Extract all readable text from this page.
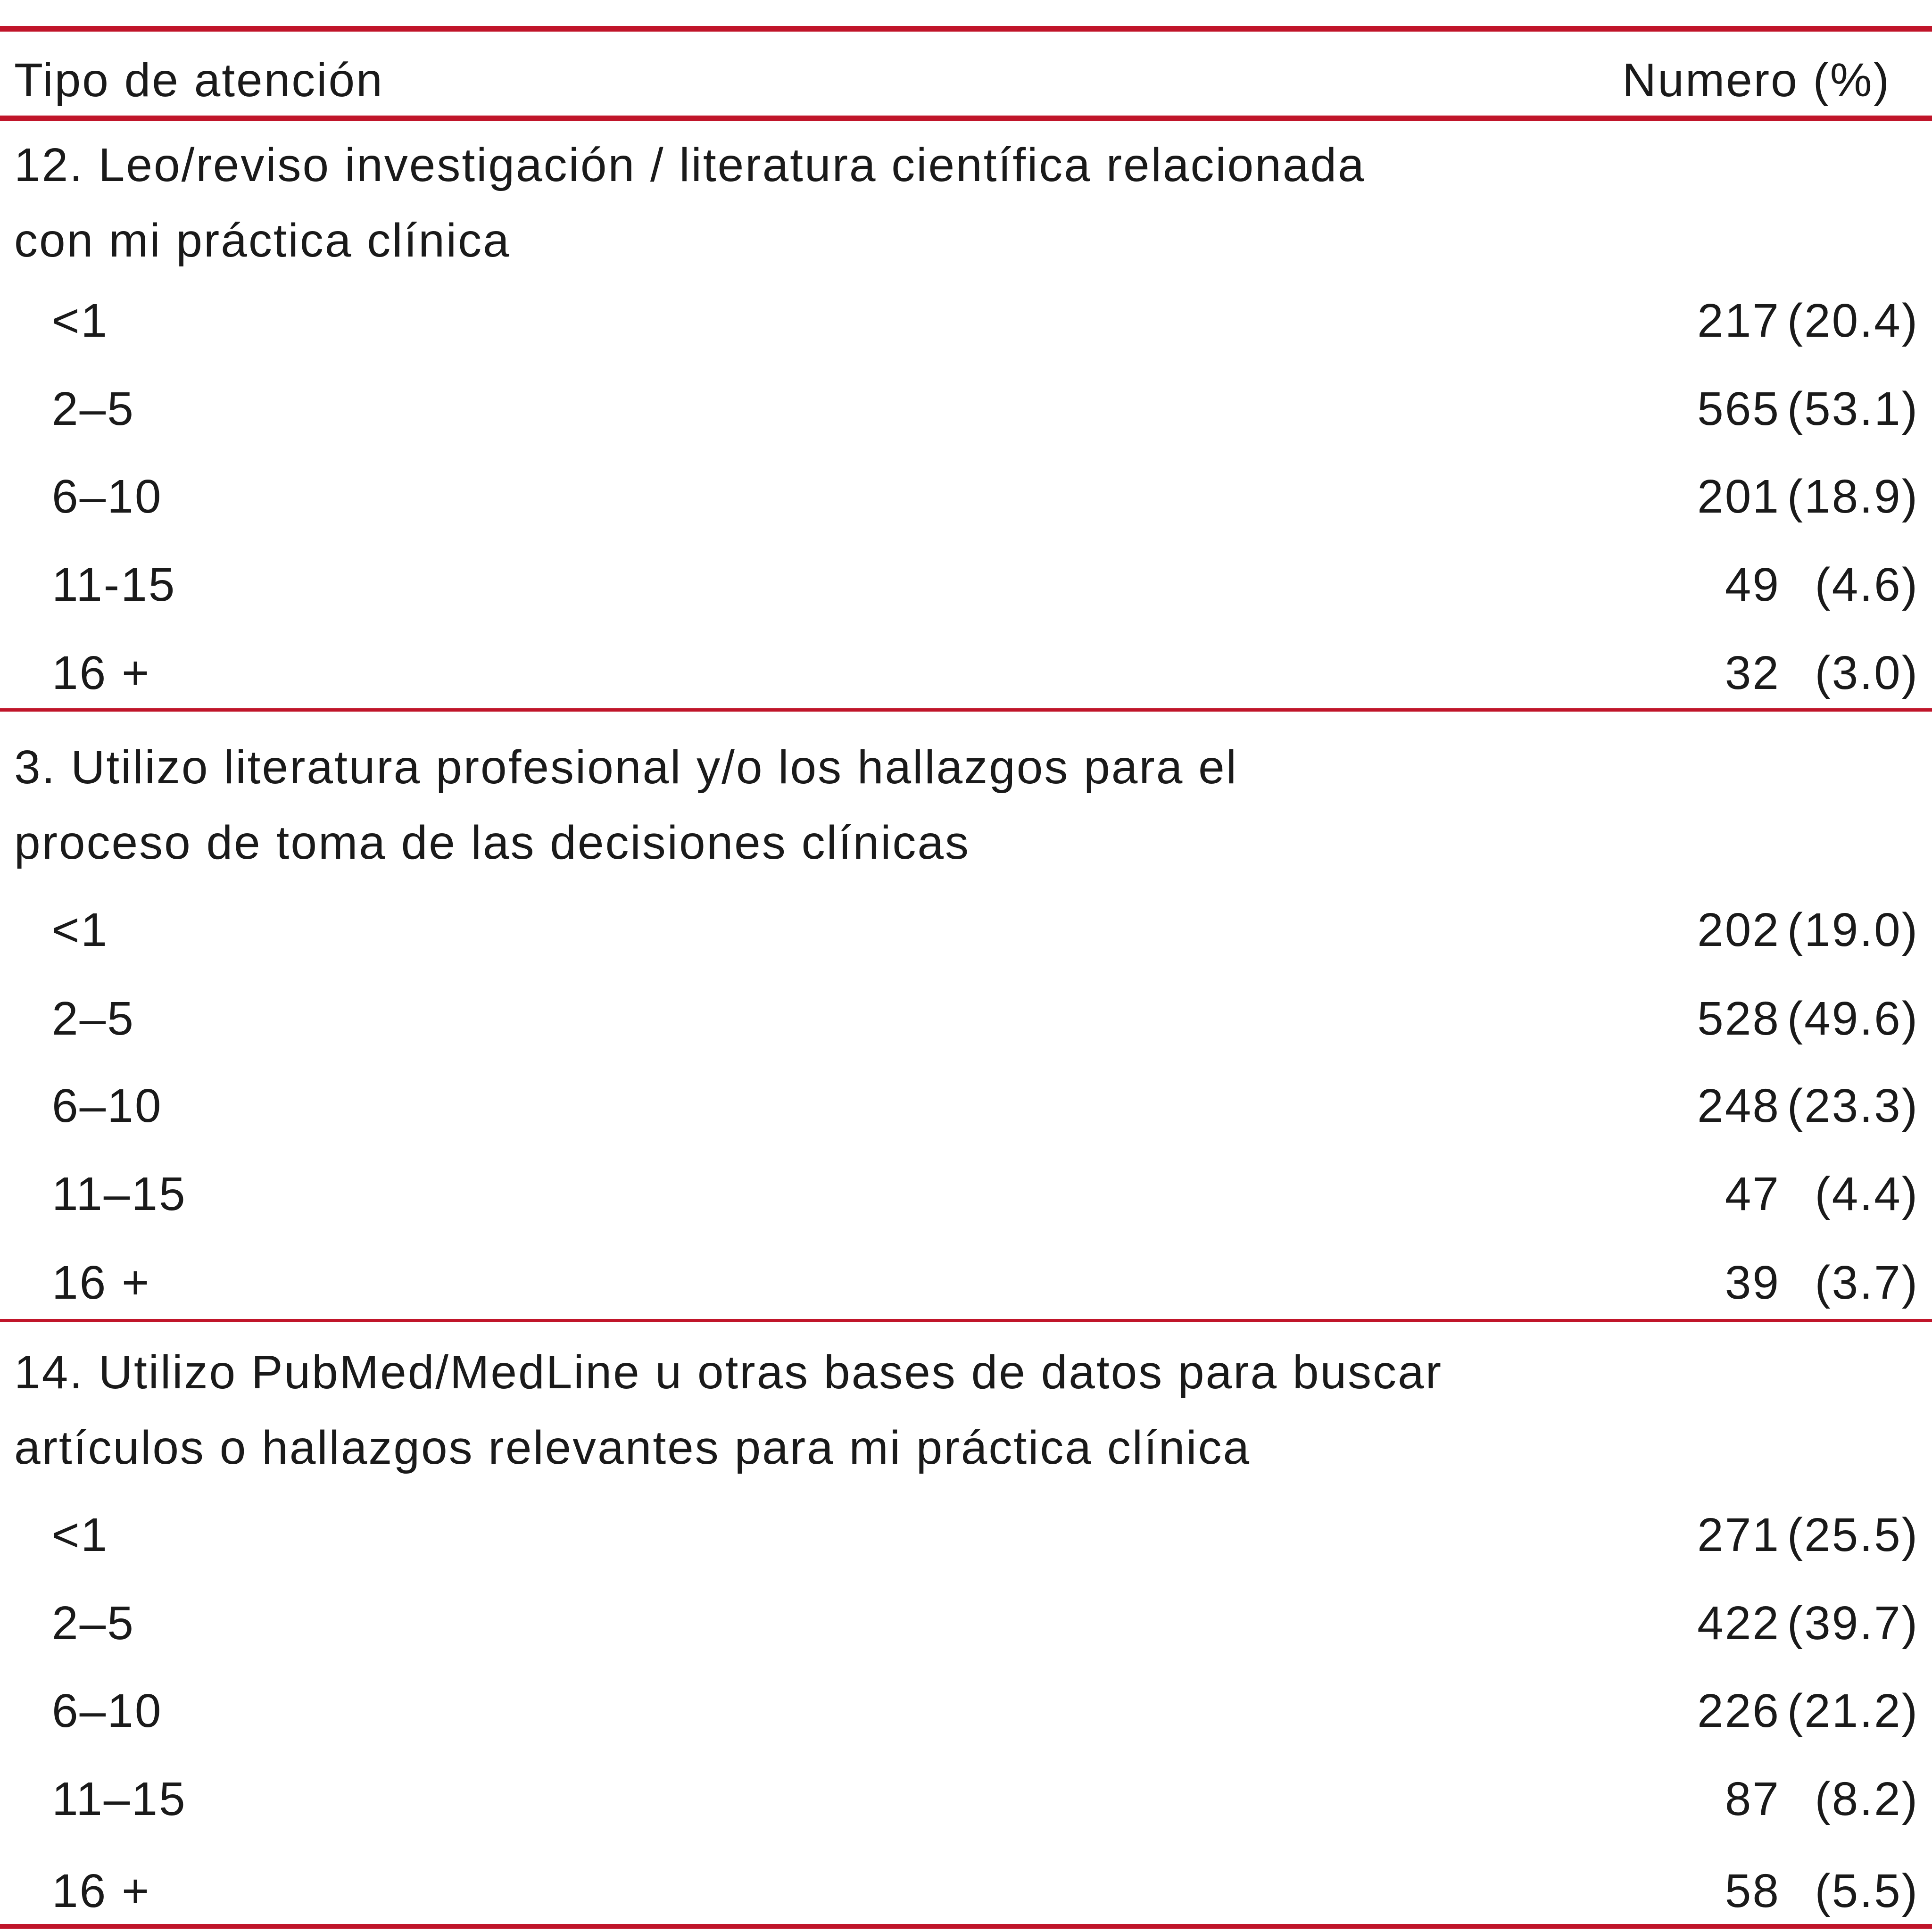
Tipo de atención	Numero (%)
12. Leo/reviso investigación / literatura científica relacionada
con mi práctica clínica
<1	217 (20.4)
2–5	565 (53.1)
6–10	201 (18.9)
11-15	49 (4.6)
16 +	32 (3.0)
3. Utilizo literatura profesional y/o los hallazgos para el
proceso de toma de las decisiones clínicas
<1	202 (19.0)
2–5	528 (49.6)
6–10	248 (23.3)
11–15	47 (4.4)
16 +	39 (3.7)
14. Utilizo PubMed/MedLine u otras bases de datos para buscar
artículos o hallazgos relevantes para mi práctica clínica
<1	271 (25.5)
2–5	422 (39.7)
6–10	226 (21.2)
11–15	87 (8.2)
16 +	58 (5.5)
